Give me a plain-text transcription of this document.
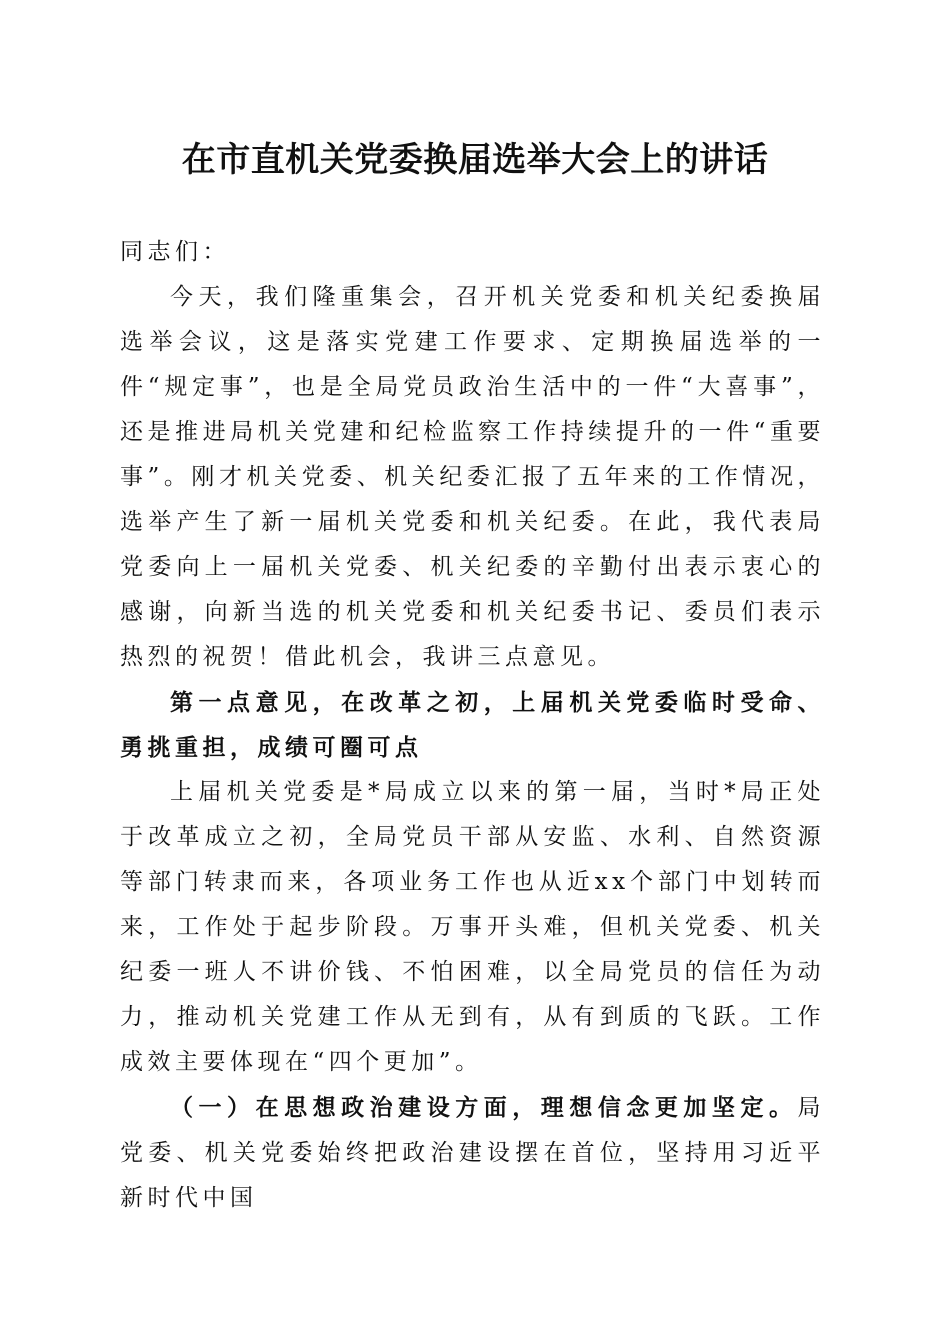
在市直机关党委换届选举大会上的讲话

同志们：

今天，我们隆重集会，召开机关党委和机关纪委换届选举会议，这是落实党建工作要求、定期换届选举的一件“规定事”，也是全局党员政治生活中的一件“大喜事”，还是推进局机关党建和纪检监察工作持续提升的一件“重要事”。刚才机关党委、机关纪委汇报了五年来的工作情况，选举产生了新一届机关党委和机关纪委。在此，我代表局党委向上一届机关党委、机关纪委的辛勤付出表示衷心的感谢，向新当选的机关党委和机关纪委书记、委员们表示热烈的祝贺！借此机会，我讲三点意见。

第一点意见，在改革之初，上届机关党委临时受命、勇挑重担，成绩可圈可点

上届机关党委是*局成立以来的第一届，当时*局正处于改革成立之初，全局党员干部从安监、水利、自然资源等部门转隶而来，各项业务工作也从近xx个部门中划转而来，工作处于起步阶段。万事开头难，但机关党委、机关纪委一班人不讲价钱、不怕困难，以全局党员的信任为动力，推动机关党建工作从无到有，从有到质的飞跃。工作成效主要体现在“四个更加”。

（一）在思想政治建设方面，理想信念更加坚定。局党委、机关党委始终把政治建设摆在首位，坚持用习近平新时代中国
